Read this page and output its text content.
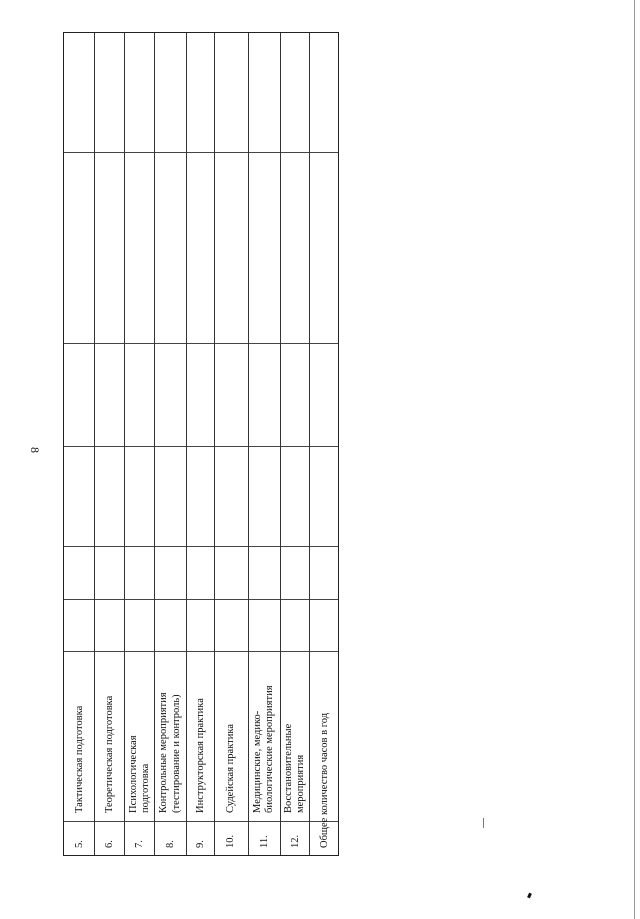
8
5.
Тактическая подготовка
6.
Теоретическая подготовка
7.
Психологическая подготовка
8.
Контрольные мероприятия (тестирование и контроль)
9.
Инструкторская практика
10.
Судейская практика
11.
Медицинские, медико- биологические мероприятия
12.
Восстановительные мероприятия Общее количество часов в год
